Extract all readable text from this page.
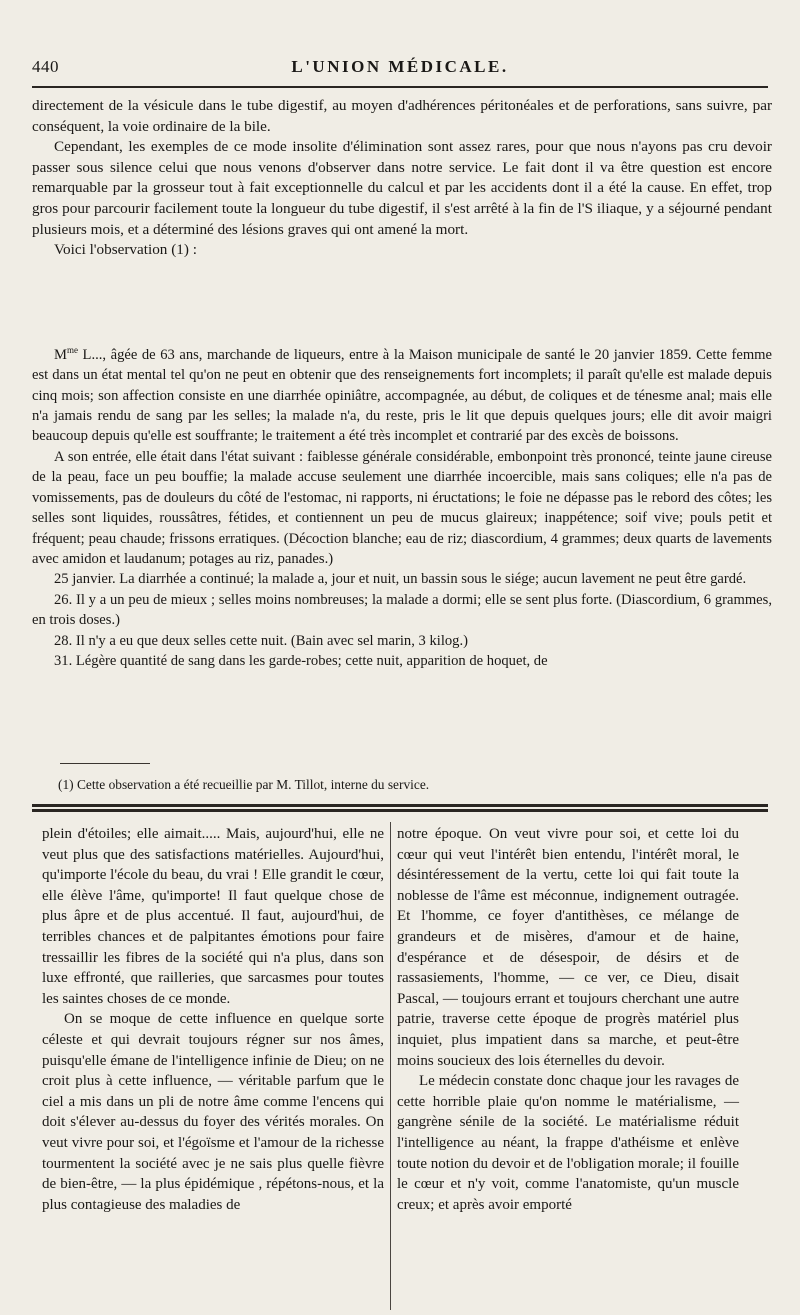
440	L'UNION MÉDICALE.

directement de la vésicule dans le tube digestif, au moyen d'adhérences péritonéales et de perforations, sans suivre, par conséquent, la voie ordinaire de la bile.

Cependant, les exemples de ce mode insolite d'élimination sont assez rares, pour que nous n'ayons pas cru devoir passer sous silence celui que nous venons d'observer dans notre service. Le fait dont il va être question est encore remarquable par la grosseur tout à fait exceptionnelle du calcul et par les accidents dont il a été la cause. En effet, trop gros pour parcourir facilement toute la longueur du tube digestif, il s'est arrêté à la fin de l'S iliaque, y a séjourné pendant plusieurs mois, et a déterminé des lésions graves qui ont amené la mort.

Voici l'observation (1) :

$M^{me}$ L..., âgée de 63 ans, marchande de liqueurs, entre à la Maison municipale de santé le 20 janvier 1859. Cette femme est dans un état mental tel qu'on ne peut en obtenir que des renseignements fort incomplets; il paraît qu'elle est malade depuis cinq mois; son affection consiste en une diarrhée opiniâtre, accompagnée, au début, de coliques et de ténesme anal; mais elle n'a jamais rendu de sang par les selles; la malade n'a, du reste, pris le lit que depuis quelques jours; elle dit avoir maigri beaucoup depuis qu'elle est souffrante; le traitement a été très incomplet et contrarié par des excès de boissons.

A son entrée, elle était dans l'état suivant : faiblesse générale considérable, embonpoint très prononcé, teinte jaune cireuse de la peau, face un peu bouffie; la malade accuse seulement une diarrhée incoercible, mais sans coliques; elle n'a pas de vomissements, pas de douleurs du côté de l'estomac, ni rapports, ni éructations; le foie ne dépasse pas le rebord des côtes; les selles sont liquides, roussâtres, fétides, et contiennent un peu de mucus glaireux; inappétence; soif vive; pouls petit et fréquent; peau chaude; frissons erratiques. (Décoction blanche; eau de riz; diascordium, 4 grammes; deux quarts de lavements avec amidon et laudanum; potages au riz, panades.)

25 janvier. La diarrhée a continué; la malade a, jour et nuit, un bassin sous le siége; aucun lavement ne peut être gardé.

26. Il y a un peu de mieux ; selles moins nombreuses; la malade a dormi; elle se sent plus forte. (Diascordium, 6 grammes, en trois doses.)

28. Il n'y a eu que deux selles cette nuit. (Bain avec sel marin, 3 kilog.)

31. Légère quantité de sang dans les garde-robes; cette nuit, apparition de hoquet, de

(1) Cette observation a été recueillie par M. Tillot, interne du service.

plein d'étoiles; elle aimait..... Mais, aujourd'hui, elle ne veut plus que des satisfactions matérielles. Aujourd'hui, qu'importe l'école du beau, du vrai ! Elle grandit le cœur, elle élève l'âme, qu'importe! Il faut quelque chose de plus âpre et de plus accentué. Il faut, aujourd'hui, de terribles chances et de palpitantes émotions pour faire tressaillir les fibres de la société qui n'a plus, dans son luxe effronté, que railleries, que sarcasmes pour toutes les saintes choses de ce monde.

On se moque de cette influence en quelque sorte céleste et qui devrait toujours régner sur nos âmes, puisqu'elle émane de l'intelligence infinie de Dieu; on ne croit plus à cette influence, — véritable parfum que le ciel a mis dans un pli de notre âme comme l'encens qui doit s'élever au-dessus du foyer des vérités morales. On veut vivre pour soi, et l'égoïsme et l'amour de la richesse tourmentent la société avec je ne sais plus quelle fièvre de bien-être, — la plus épidémique , répétons-nous, et la plus contagieuse des maladies de

notre époque. On veut vivre pour soi, et cette loi du cœur qui veut l'intérêt bien entendu, l'intérêt moral, le désintéressement de la vertu, cette loi qui fait toute la noblesse de l'âme est méconnue, indignement outragée. Et l'homme, ce foyer d'antithèses, ce mélange de grandeurs et de misères, d'amour et de haine, d'espérance et de désespoir, de désirs et de rassasiements, l'homme, — ce ver, ce Dieu, disait Pascal, — toujours errant et toujours cherchant une autre patrie, traverse cette époque de progrès matériel plus inquiet, plus impatient dans sa marche, et peut-être moins soucieux des lois éternelles du devoir.

Le médecin constate donc chaque jour les ravages de cette horrible plaie qu'on nomme le matérialisme, — gangrène sénile de la société. Le matérialisme réduit l'intelligence au néant, la frappe d'athéisme et enlève toute notion du devoir et de l'obligation morale; il fouille le cœur et n'y voit, comme l'anatomiste, qu'un muscle creux; et après avoir emporté
